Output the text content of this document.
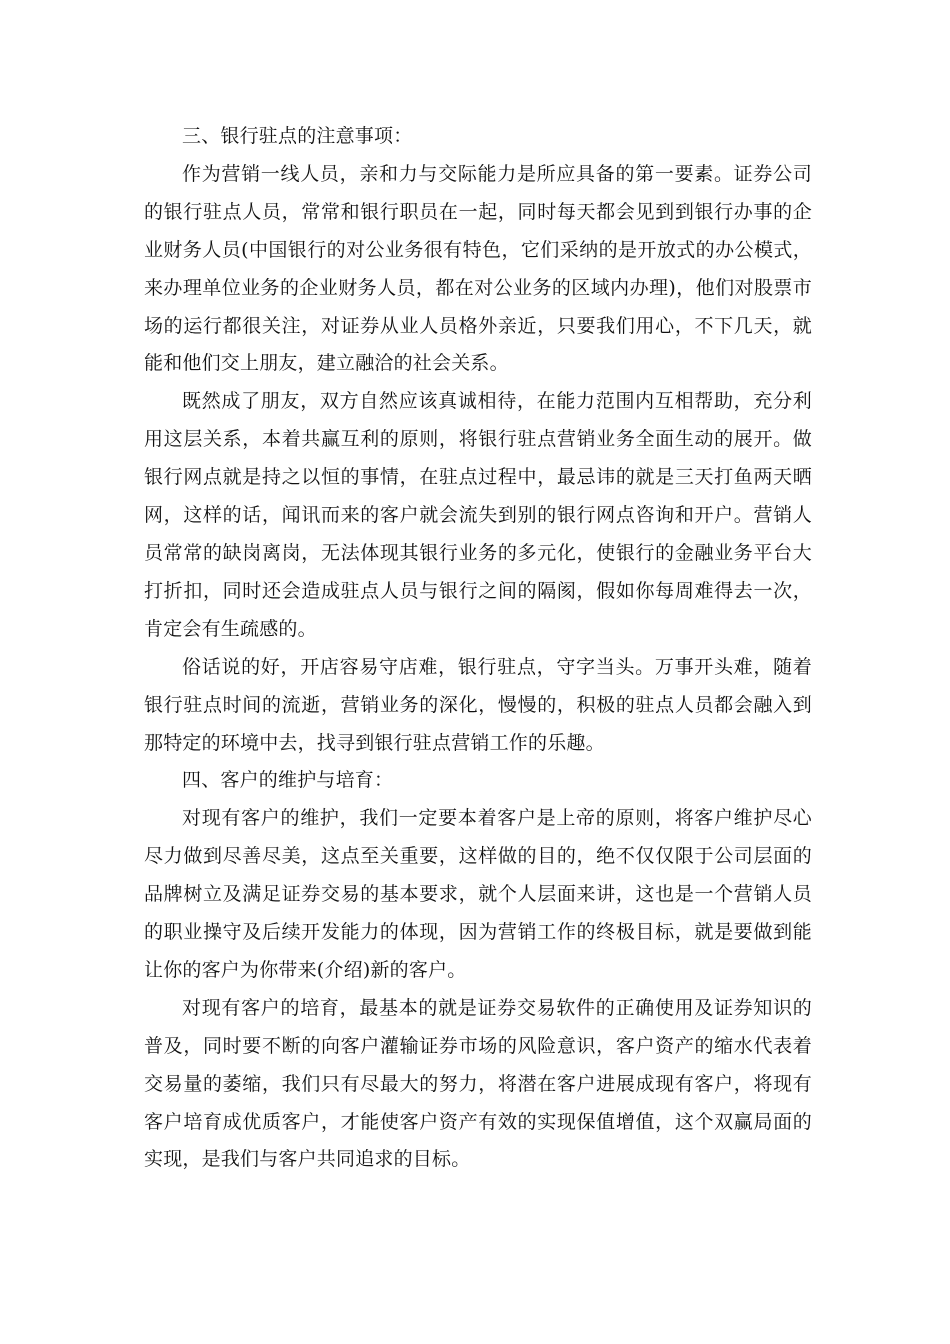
三、银行驻点的注意事项：

作为营销一线人员，亲和力与交际能力是所应具备的第一要素。证券公司的银行驻点人员，常常和银行职员在一起，同时每天都会见到到银行办事的企业财务人员(中国银行的对公业务很有特色，它们采纳的是开放式的办公模式，来办理单位业务的企业财务人员，都在对公业务的区域内办理)，他们对股票市场的运行都很关注，对证券从业人员格外亲近，只要我们用心，不下几天，就能和他们交上朋友，建立融洽的社会关系。

既然成了朋友，双方自然应该真诚相待，在能力范围内互相帮助，充分利用这层关系，本着共赢互利的原则，将银行驻点营销业务全面生动的展开。做银行网点就是持之以恒的事情，在驻点过程中，最忌讳的就是三天打鱼两天晒网，这样的话，闻讯而来的客户就会流失到别的银行网点咨询和开户。营销人员常常的缺岗离岗，无法体现其银行业务的多元化，使银行的金融业务平台大打折扣，同时还会造成驻点人员与银行之间的隔阂，假如你每周难得去一次，肯定会有生疏感的。

俗话说的好，开店容易守店难，银行驻点，守字当头。万事开头难，随着银行驻点时间的流逝，营销业务的深化，慢慢的，积极的驻点人员都会融入到那特定的环境中去，找寻到银行驻点营销工作的乐趣。

四、客户的维护与培育：

对现有客户的维护，我们一定要本着客户是上帝的原则，将客户维护尽心尽力做到尽善尽美，这点至关重要，这样做的目的，绝不仅仅限于公司层面的品牌树立及满足证券交易的基本要求，就个人层面来讲，这也是一个营销人员的职业操守及后续开发能力的体现，因为营销工作的终极目标，就是要做到能让你的客户为你带来(介绍)新的客户。

对现有客户的培育，最基本的就是证券交易软件的正确使用及证券知识的普及，同时要不断的向客户灌输证券市场的风险意识，客户资产的缩水代表着交易量的萎缩，我们只有尽最大的努力，将潜在客户进展成现有客户，将现有客户培育成优质客户，才能使客户资产有效的实现保值增值，这个双赢局面的实现，是我们与客户共同追求的目标。
